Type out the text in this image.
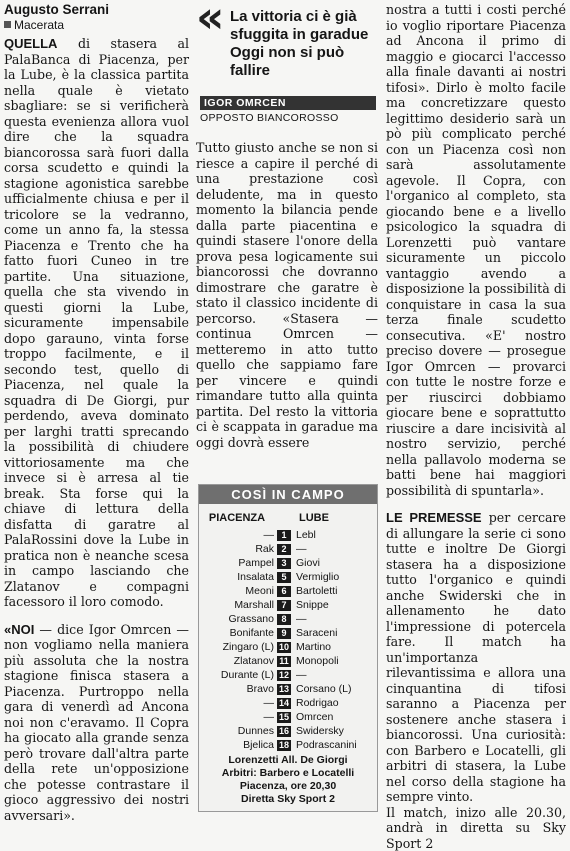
Augusto Serrani
Macerata

QUELLA di stasera al PalaBanca di Piacenza, per la Lube, è la classica partita nella quale è vietato sbagliare: se si verificherà questa evenienza allora vuol dire che la squadra biancorossa sarà fuori dalla corsa scudetto e quindi la stagione agonistica sarebbe ufficialmente chiusa e per il tricolore se la vedranno, come un anno fa, la stessa Piacenza e Trento che ha fatto fuori Cuneo in tre partite. Una situazione, quella che sta vivendo in questi giorni la Lube, sicuramente impensabile dopo garauno, vinta forse troppo facilmente, e il secondo test, quello di Piacenza, nel quale la squadra di De Giorgi, pur perdendo, aveva dominato per larghi tratti sprecando la possibilità di chiudere vittoriosamente ma che invece si è arresa al tie break. Sta forse qui la chiave di lettura della disfatta di garatre al PalaRossini dove la Lube in pratica non è neanche scesa in campo lasciando che Zlatanov e compagni facessoro il loro comodo.

«NOI — dice Igor Omrcen — non vogliamo nella maniera più assoluta che la nostra stagione finisca stasera a Piacenza. Purtroppo nella gara di venerdì ad Ancona noi non c'eravamo. Il Copra ha giocato alla grande senza però trovare dall'altra parte della rete un'opposizione che potesse contrastare il gioco aggressivo dei nostri avversari».

« La vittoria ci è già sfuggita in garadue Oggi non si può fallire
IGOR OMRCEN
OPPOSTO BIANCOROSSO

Tutto giusto anche se non si riesce a capire il perché di una prestazione così deludente, ma in questo momento la bilancia pende dalla parte piacentina e quindi stasere l'onore della prova pesa logicamente sui biancorossi che dovranno dimostrare che garatre è stato il classico incidente di percorso. «Stasera — continua Omrcen — metteremo in atto tutto quello che sappiamo fare per vincere e quindi rimandare tutto alla quinta partita. Del resto la vittoria ci è scappata in garadue ma oggi dovrà essere

COSÌ IN CAMPO
PIACENZA	LUBE
— 1 Lebl
Rak 2 —
Pampel 3 Giovi
Insalata 5 Vermiglio
Meoni 6 Bartoletti
Marshall 7 Snippe
Grassano 8 —
Bonifante 9 Saraceni
Zingaro (L) 10 Martino
Zlatanov 11 Monopoli
Durante (L) 12 —
Bravo 13 Corsano (L)
— 14 Rodrigao
— 15 Omrcen
Dunnes 16 Swidersky
Bjelica 18 Podrascanini
Lorenzetti All. De Giorgi
Arbitri: Barbero e Locatelli
Piacenza, ore 20,30
Diretta Sky Sport 2

nostra a tutti i costi perché io voglio riportare Piacenza ad Ancona il primo di maggio e giocarci l'accesso alla finale davanti ai nostri tifosi». Dirlo è molto facile ma concretizzare questo legittimo desiderio sarà un pò più complicato perché con un Piacenza così non sarà assolutamente agevole. Il Copra, con l'organico al completo, sta giocando bene e a livello psicologico la squadra di Lorenzetti può vantare sicuramente un piccolo vantaggio avendo a disposizione la possibilità di conquistare in casa la sua terza finale scudetto consecutiva. «E' nostro preciso dovere — prosegue Igor Omrcen — provarci con tutte le nostre forze e per riuscirci dobbiamo giocare bene e soprattutto riuscire a dare incisività al nostro servizio, perché nella pallavolo moderna se batti bene hai maggiori possibilità di spuntarla».

LE PREMESSE per cercare di allungare la serie ci sono tutte e inoltre De Giorgi stasera ha a disposizione tutto l'organico e quindi anche Swiderski che in allenamento he dato l'impressione di potercela fare. Il match ha un'importanza rilevantissima e allora una cinquantina di tifosi saranno a Piacenza per sostenere anche stasera i biancorossi. Una curiosità: con Barbero e Locatelli, gli arbitri di stasera, la Lube nel corso della stagione ha sempre vinto.

Il match, inizo alle 20.30, andrà in diretta su Sky Sport 2
